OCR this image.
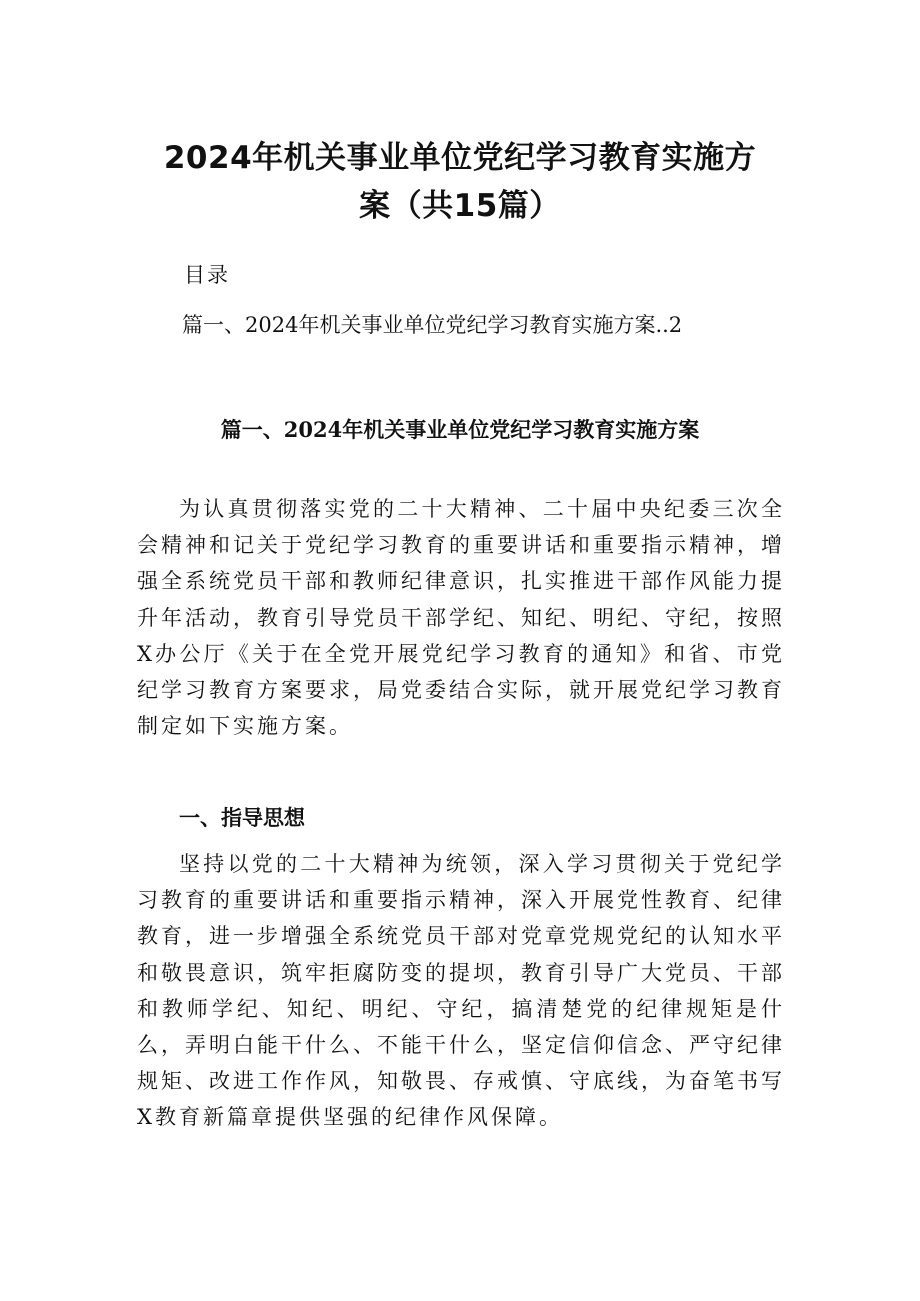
2024年机关事业单位党纪学习教育实施方
案（共15篇）
目录
篇一、2024年机关事业单位党纪学习教育实施方案..2
篇一、2024年机关事业单位党纪学习教育实施方案

为认真贯彻落实党的二十大精神、二十届中央纪委三次全会精神和记关于党纪学习教育的重要讲话和重要指示精神，增强全系统党员干部和教师纪律意识，扎实推进干部作风能力提升年活动，教育引导党员干部学纪、知纪、明纪、守纪，按照X办公厅《关于在全党开展党纪学习教育的通知》和省、市党纪学习教育方案要求，局党委结合实际，就开展党纪学习教育制定如下实施方案。

一、指导思想

坚持以党的二十大精神为统领，深入学习贯彻关于党纪学习教育的重要讲话和重要指示精神，深入开展党性教育、纪律教育，进一步增强全系统党员干部对党章党规党纪的认知水平和敬畏意识，筑牢拒腐防变的提坝，教育引导广大党员、干部和教师学纪、知纪、明纪、守纪，搞清楚党的纪律规矩是什么，弄明白能干什么、不能干什么，坚定信仰信念、严守纪律规矩、改进工作作风，知敬畏、存戒慎、守底线，为奋笔书写X教育新篇章提供坚强的纪律作风保障。
